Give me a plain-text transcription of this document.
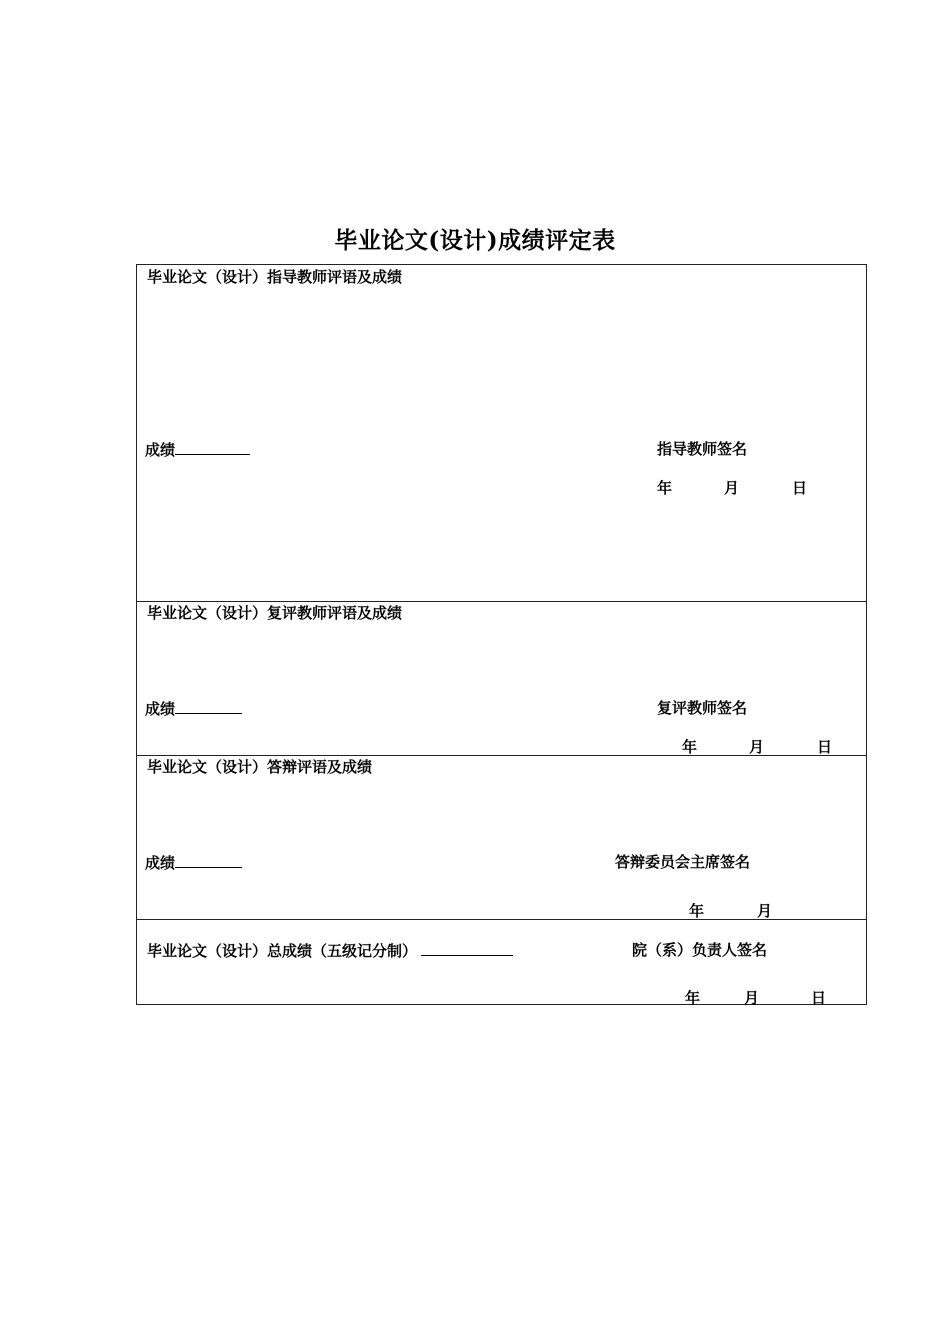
毕业论文(设计)成绩评定表
毕业论文（设计）指导教师评语及成绩
成绩	指导教师签名
年	月	日
毕业论文（设计）复评教师评语及成绩
成绩	复评教师签名
年	月	日
毕业论文（设计）答辩评语及成绩
成绩	答辩委员会主席签名
年	月
毕业论文（设计）总成绩（五级记分制）	院（系）负责人签名
年	月	日
